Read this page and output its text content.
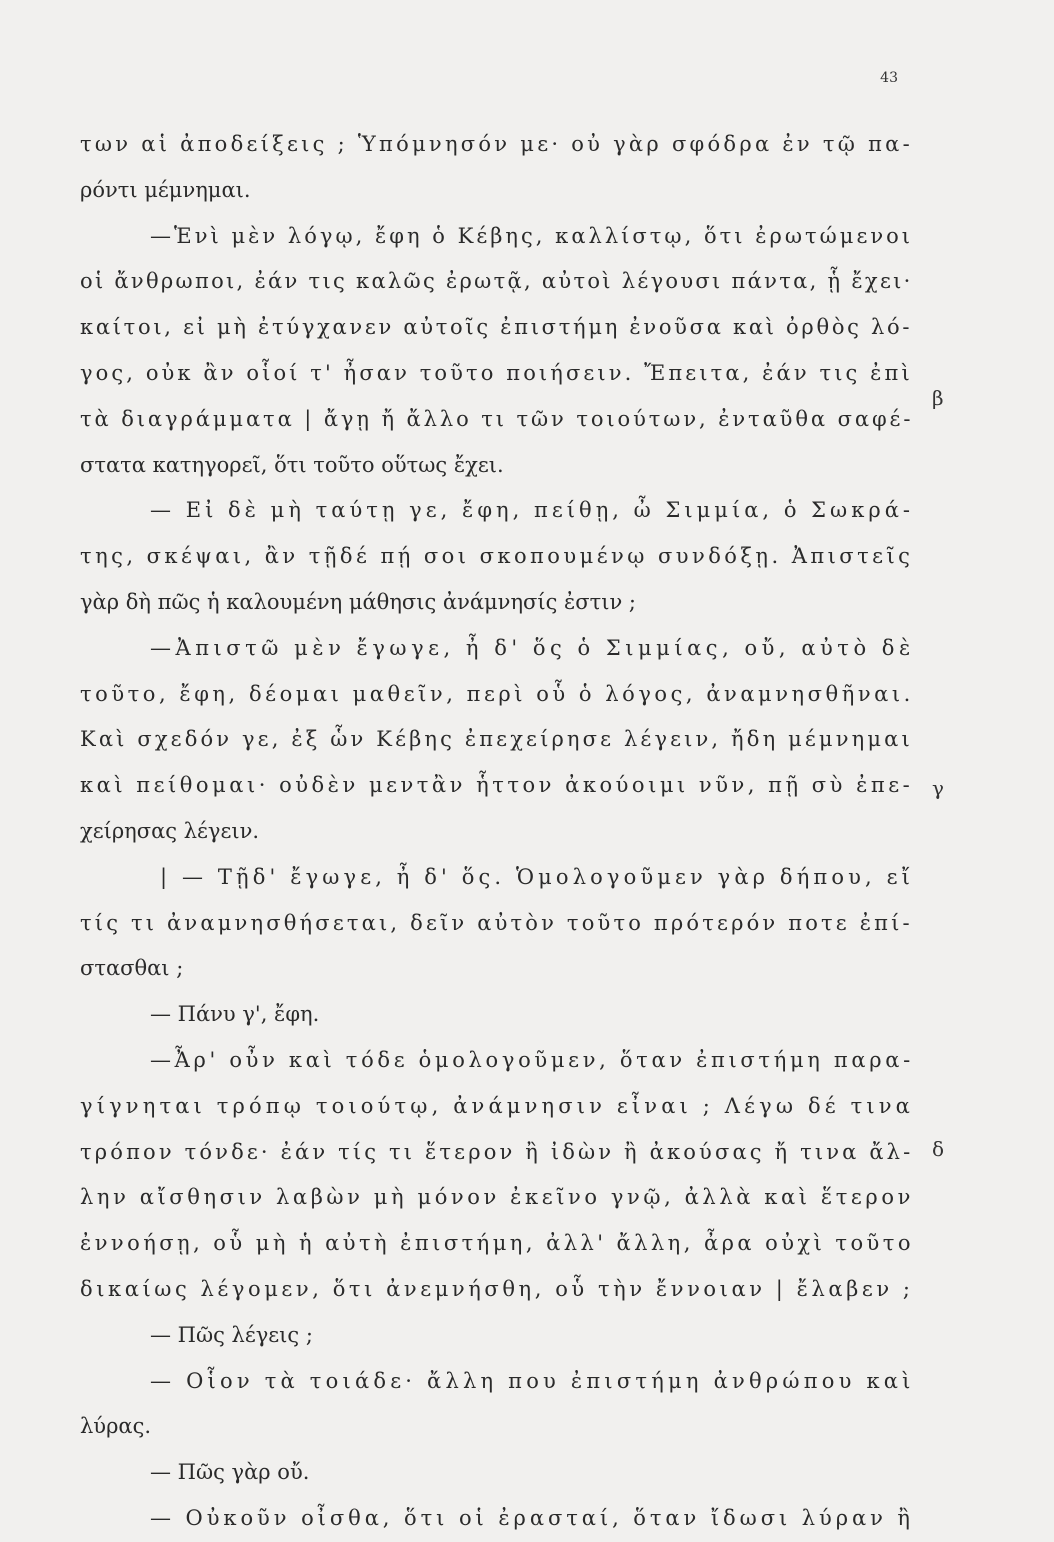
43
των αἱ ἀποδείξεις ; Ὑπόμνησόν με· οὐ γὰρ σφόδρα ἐν τῷ πα-
ρόντι μέμνημαι.
—Ἑνὶ μὲν λόγῳ, ἔφη ὁ Κέβης, καλλίστῳ, ὅτι ἐρωτώμενοι
οἱ ἄνθρωποι, ἐάν τις καλῶς ἐρωτᾷ, αὐτοὶ λέγουσι πάντα, ᾗ ἔχει·
καίτοι, εἰ μὴ ἐτύγχανεν αὐτοῖς ἐπιστήμη ἐνοῦσα καὶ ὀρθὸς λό-
γος, οὐκ ἂν οἷοί τ' ἦσαν τοῦτο ποιήσειν. Ἔπειτα, ἐάν τις ἐπὶ
τὰ διαγράμματα | ἄγῃ ἤ ἄλλο τι τῶν τοιούτων, ἐνταῦθα σαφέ-
στατα κατηγορεῖ, ὅτι τοῦτο οὕτως ἔχει.
— Εἰ δὲ μὴ ταύτῃ γε, ἔφη, πείθῃ, ὦ Σιμμία, ὁ Σωκρά-
της, σκέψαι, ἂν τῇδέ πῄ σοι σκοπουμένῳ συνδόξῃ. Ἀπιστεῖς
γὰρ δὴ πῶς ἡ καλουμένη μάθησις ἀνάμνησίς ἐστιν ;
—Ἀπιστῶ μὲν ἔγωγε, ἦ δ' ὅς ὁ Σιμμίας, οὔ, αὐτὸ δὲ
τοῦτο, ἔφη, δέομαι μαθεῖν, περὶ οὗ ὁ λόγος, ἀναμνησθῆναι.
Καὶ σχεδόν γε, ἐξ ὧν Κέβης ἐπεχείρησε λέγειν, ἤδη μέμνημαι
καὶ πείθομαι· οὐδὲν μεντἂν ἧττον ἀκούοιμι νῦν, πῇ σὺ ἐπε-
χείρησας λέγειν.
| — Τῇδ' ἔγωγε, ἦ δ' ὅς. Ὁμολογοῦμεν γὰρ δήπου, εἴ
τίς τι ἀναμνησθήσεται, δεῖν αὐτὸν τοῦτο πρότερόν ποτε ἐπί-
στασθαι ;
— Πάνυ γ', ἔφη.
—Ἆρ' οὖν καὶ τόδε ὁμολογοῦμεν, ὅταν ἐπιστήμη παρα-
γίγνηται τρόπῳ τοιούτῳ, ἀνάμνησιν εἶναι ; Λέγω δέ τινα
τρόπον τόνδε· ἐάν τίς τι ἕτερον ἢ ἰδὼν ἢ ἀκούσας ἤ τινα ἄλ-
λην αἴσθησιν λαβὼν μὴ μόνον ἐκεῖνο γνῷ, ἀλλὰ καὶ ἕτερον
ἐννοήσῃ, οὗ μὴ ἡ αὐτὴ ἐπιστήμη, ἀλλ' ἄλλη, ἆρα οὐχὶ τοῦτο
δικαίως λέγομεν, ὅτι ἀνεμνήσθη, οὗ τὴν ἔννοιαν | ἔλαβεν ;
— Πῶς λέγεις ;
— Οἷον τὰ τοιάδε· ἄλλη που ἐπιστήμη ἀνθρώπου καὶ
λύρας.
— Πῶς γὰρ οὔ.
— Οὐκοῦν οἶσθα, ὅτι οἱ ἐρασταί, ὅταν ἴδωσι λύραν ἢ
β
γ
δ
